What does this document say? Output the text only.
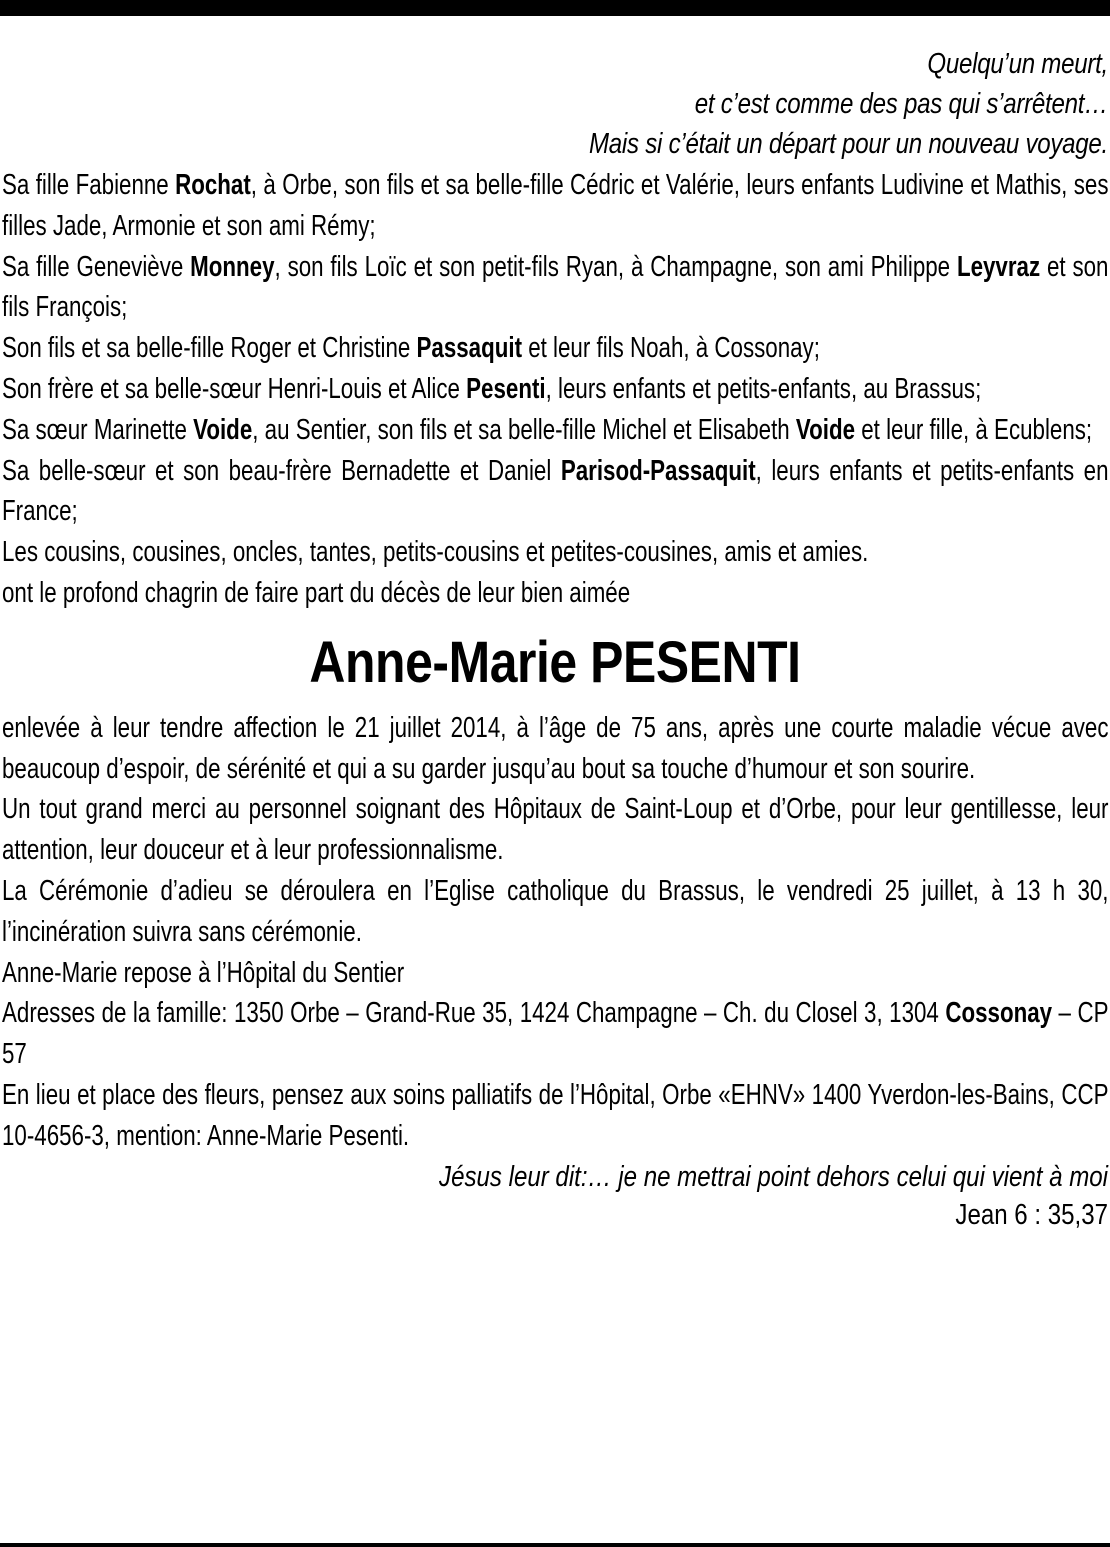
Quelqu’un meurt,
et c’est comme des pas qui s’arrêtent…
Mais si c’était un départ pour un nouveau voyage.
Sa fille Fabienne Rochat, à Orbe, son fils et sa belle-fille Cédric et Valérie, leurs enfants Ludivine et Mathis, ses filles Jade, Armonie et son ami Rémy;
Sa fille Geneviève Monney, son fils Loïc et son petit-fils Ryan, à Champagne, son ami Philippe Leyvraz et son fils François;
Son fils et sa belle-fille Roger et Christine Passaquit et leur fils Noah, à Cossonay;
Son frère et sa belle-sœur Henri-Louis et Alice Pesenti, leurs enfants et petits-enfants, au Brassus;
Sa sœur Marinette Voide, au Sentier, son fils et sa belle-fille Michel et Elisabeth Voide et leur fille, à Ecublens;
Sa belle-sœur et son beau-frère Bernadette et Daniel Parisod-Passaquit, leurs enfants et petits-enfants en France;
Les cousins, cousines, oncles, tantes, petits-cousins et petites-cousines, amis et amies.
ont le profond chagrin de faire part du décès de leur bien aimée
Anne-Marie PESENTI
enlevée à leur tendre affection le 21 juillet 2014, à l’âge de 75 ans, après une courte maladie vécue avec beaucoup d’espoir, de sérénité et qui a su garder jusqu’au bout sa touche d’humour et son sourire.
Un tout grand merci au personnel soignant des Hôpitaux de Saint-Loup et d’Orbe, pour leur gentillesse, leur attention, leur douceur et à leur professionnalisme.
La Cérémonie d’adieu se déroulera en l’Eglise catholique du Brassus, le vendredi 25 juillet, à 13 h 30, l’incinération suivra sans cérémonie.
Anne-Marie repose à l’Hôpital du Sentier
Adresses de la famille: 1350 Orbe – Grand-Rue 35, 1424 Champagne – Ch. du Closel 3, 1304 Cossonay – CP 57
En lieu et place des fleurs, pensez aux soins palliatifs de l’Hôpital, Orbe «EHNV» 1400 Yverdon-les-Bains, CCP 10-4656-3, mention: Anne-Marie Pesenti.
Jésus leur dit:… je ne mettrai point dehors celui qui vient à moi
Jean 6 : 35,37
